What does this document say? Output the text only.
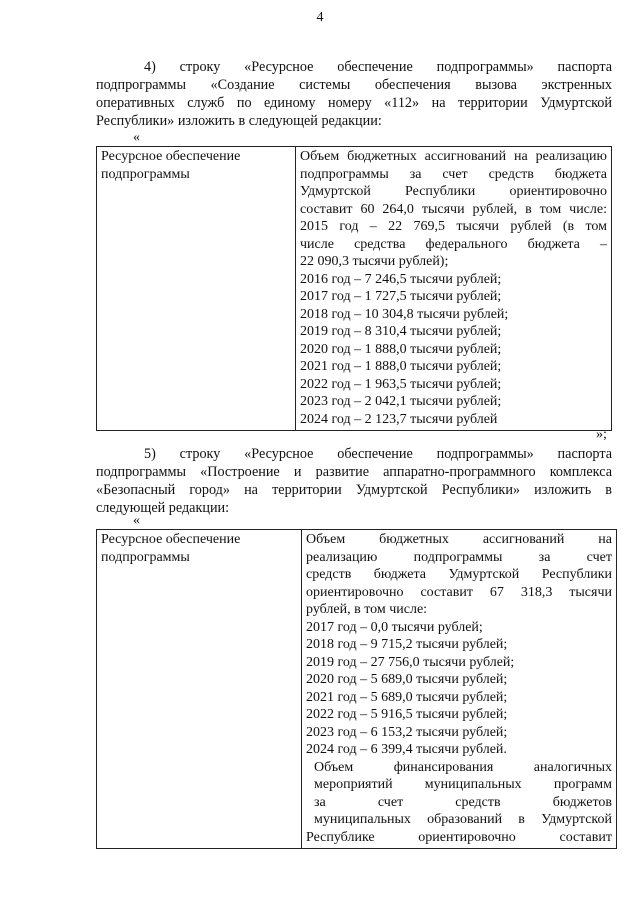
4
4) строку «Ресурсное обеспечение подпрограммы» паспорта
подпрограммы «Создание системы обеспечения вызова экстренных
оперативных служб по единому номеру «112» на территории Удмуртской
Республики» изложить в следующей редакции:
«
Ресурсное обеспечение
подпрограммы

Объем бюджетных ассигнований на реализацию
подпрограммы за счет средств бюджета
Удмуртской Республики ориентировочно
составит 60 264,0 тысячи рублей, в том числе:
2015 год – 22 769,5 тысячи рублей (в том
числе средства федерального бюджета –
22 090,3 тысячи рублей);
2016 год – 7 246,5 тысячи рублей;
2017 год – 1 727,5 тысячи рублей;
2018 год – 10 304,8 тысячи рублей;
2019 год – 8 310,4 тысячи рублей;
2020 год – 1 888,0 тысячи рублей;
2021 год – 1 888,0 тысячи рублей;
2022 год – 1 963,5 тысячи рублей;
2023 год – 2 042,1 тысячи рублей;
2024 год – 2 123,7 тысячи рублей
»;
5) строку «Ресурсное обеспечение подпрограммы» паспорта
подпрограммы «Построение и развитие аппаратно-программного комплекса
«Безопасный город» на территории Удмуртской Республики» изложить в
следующей редакции:
«
Ресурсное обеспечение
подпрограммы

Объем бюджетных ассигнований на
реализацию подпрограммы за счет
средств бюджета Удмуртской Республики
ориентировочно составит 67 318,3 тысячи
рублей, в том числе:
2017 год – 0,0 тысячи рублей;
2018 год – 9 715,2 тысячи рублей;
2019 год – 27 756,0 тысячи рублей;
2020 год – 5 689,0 тысячи рублей;
2021 год – 5 689,0 тысячи рублей;
2022 год – 5 916,5 тысячи рублей;
2023 год – 6 153,2 тысячи рублей;
2024 год – 6 399,4 тысячи рублей.
Объем финансирования аналогичных
мероприятий муниципальных программ
за счет средств бюджетов
муниципальных образований в Удмуртской
Республике ориентировочно составит
